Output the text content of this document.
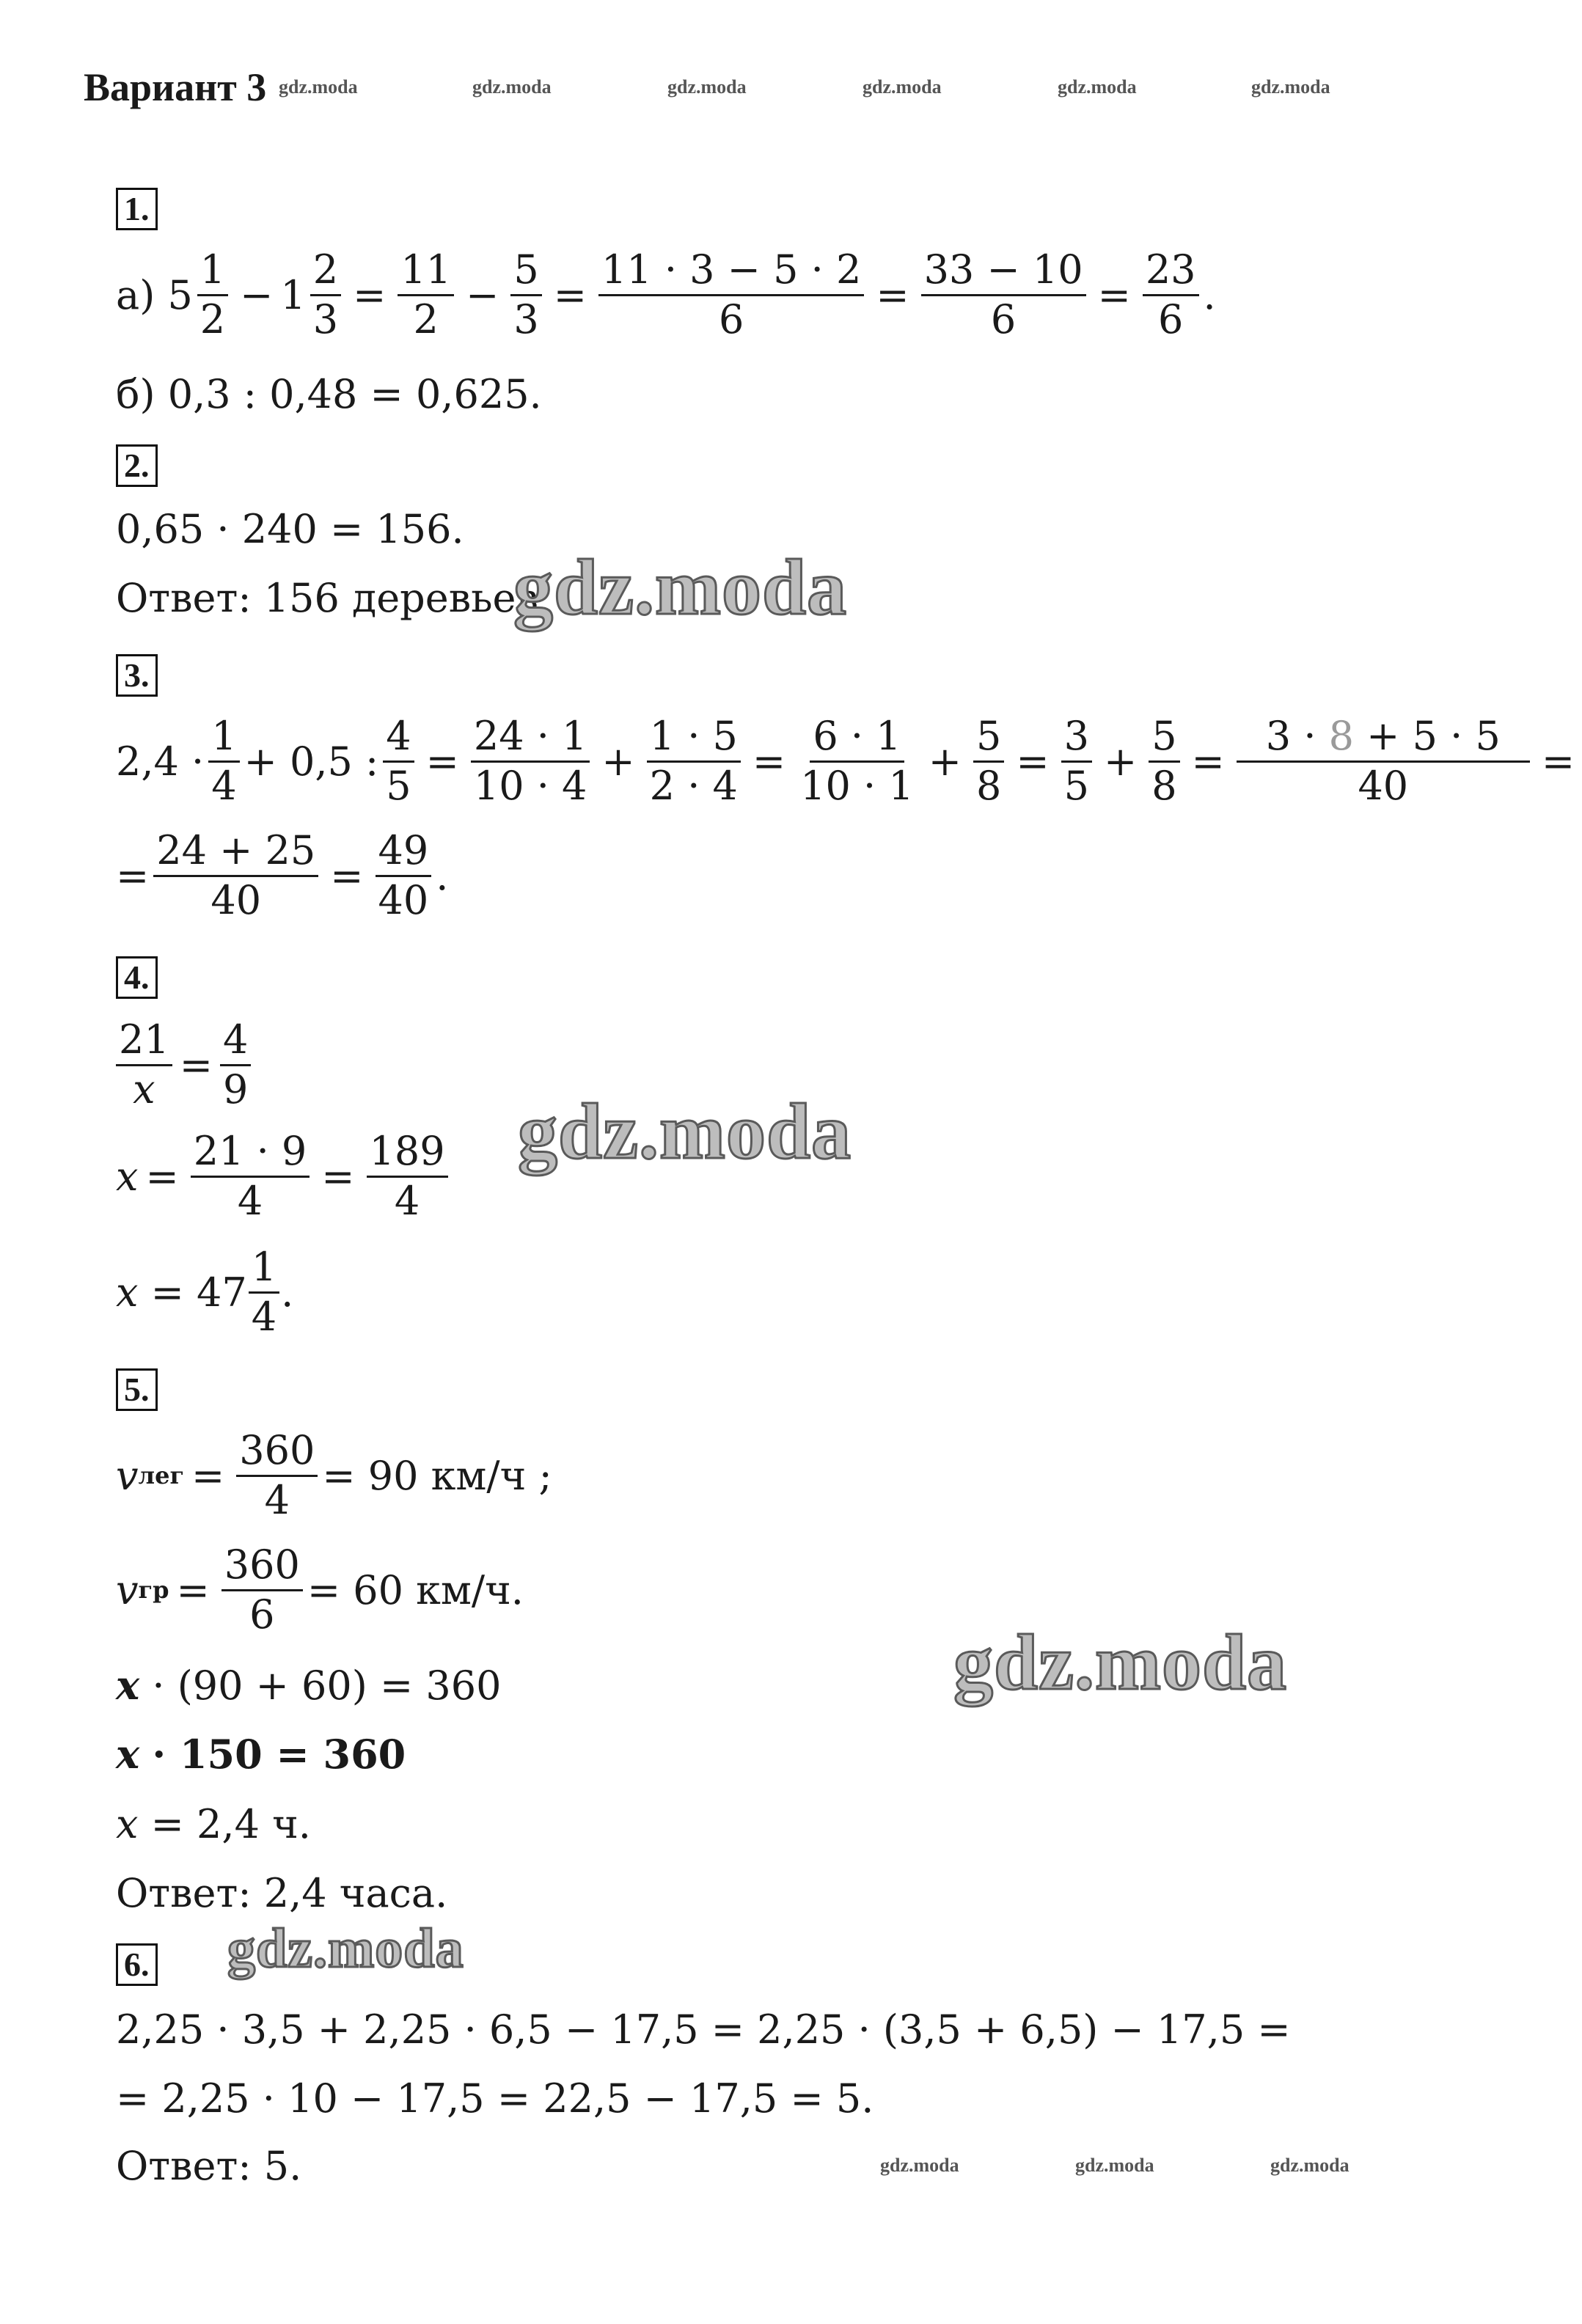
Вариант 3 gdz.moda	gdz.moda	gdz.moda	gdz.moda	gdz.moda	gdz.moda
1.
а)
$5 \frac{1}{2} - 1 \frac{2}{3} = \frac{11}{2} - \frac{5}{3} = \frac{11 \cdot 3 - 5 \cdot 2}{6} = \frac{33 - 10}{6} = \frac{23}{6}$ .
б) 0,3 : 0,48 = 0,625.
2.
0,65 · 240 = 156.
Ответ: 156 деревьев.
gdz.moda
3.
$2,4 \cdot \frac{1}{4} + 0,5$ : $\frac{4}{5} = \frac{24 \cdot 1}{10 \cdot 4} + \frac{1 \cdot 5}{2 \cdot 4} = \frac{6 \cdot 1}{10 \cdot 1} + \frac{5}{8} = \frac{3}{5} + \frac{5}{8} = \frac{3 \cdot 8 + 5 \cdot 5}{40}$ =
= $\frac{24 + 25}{40} = \frac{49}{40}$ .
4.
$\frac{21}{x} = \frac{4}{9}$
gdz.moda
$x = \frac{21 \cdot 9}{4} = \frac{189}{4}$
x
= $47 \frac{1}{4}$ .
5.
v лег = $\frac{360}{4} = 90$ км/ч ;
v гр = $\frac{360}{6} = 60$ км/ч.
gdz.moda
x
· (90 + 60) = 360
x
· 150 = 360
x
= 2,4 ч.
Ответ: 2,4 часа.
gdz.moda
6.
2,25 · 3,5 + 2,25 · 6,5 − 17,5 = 2,25 · (3,5 + 6,5) − 17,5 =
= 2,25 · 10 − 17,5 = 22,5 − 17,5 = 5.
Ответ: 5.	gdz.moda	gdz.moda	gdz.moda
